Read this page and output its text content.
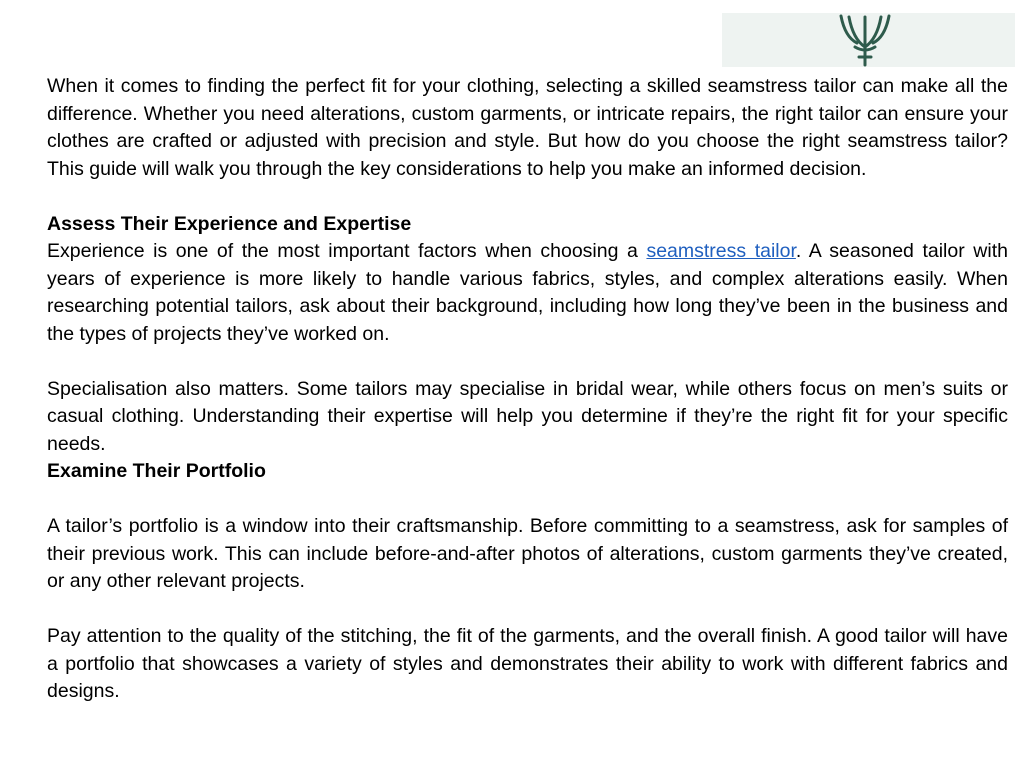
When it comes to finding the perfect fit for your clothing, selecting a skilled seamstress tailor can make all the difference. Whether you need alterations, custom garments, or intricate repairs, the right tailor can ensure your clothes are crafted or adjusted with precision and style. But how do you choose the right seamstress tailor? This guide will walk you through the key considerations to help you make an informed decision.

Assess Their Experience and Expertise

Experience is one of the most important factors when choosing a seamstress tailor. A seasoned tailor with years of experience is more likely to handle various fabrics, styles, and complex alterations easily. When researching potential tailors, ask about their background, including how long they’ve been in the business and the types of projects they’ve worked on.

Specialisation also matters. Some tailors may specialise in bridal wear, while others focus on men’s suits or casual clothing. Understanding their expertise will help you determine if they’re the right fit for your specific needs.

Examine Their Portfolio

A tailor’s portfolio is a window into their craftsmanship. Before committing to a seamstress, ask for samples of their previous work. This can include before-and-after photos of alterations, custom garments they’ve created, or any other relevant projects.

Pay attention to the quality of the stitching, the fit of the garments, and the overall finish. A good tailor will have a portfolio that showcases a variety of styles and demonstrates their ability to work with different fabrics and designs.
